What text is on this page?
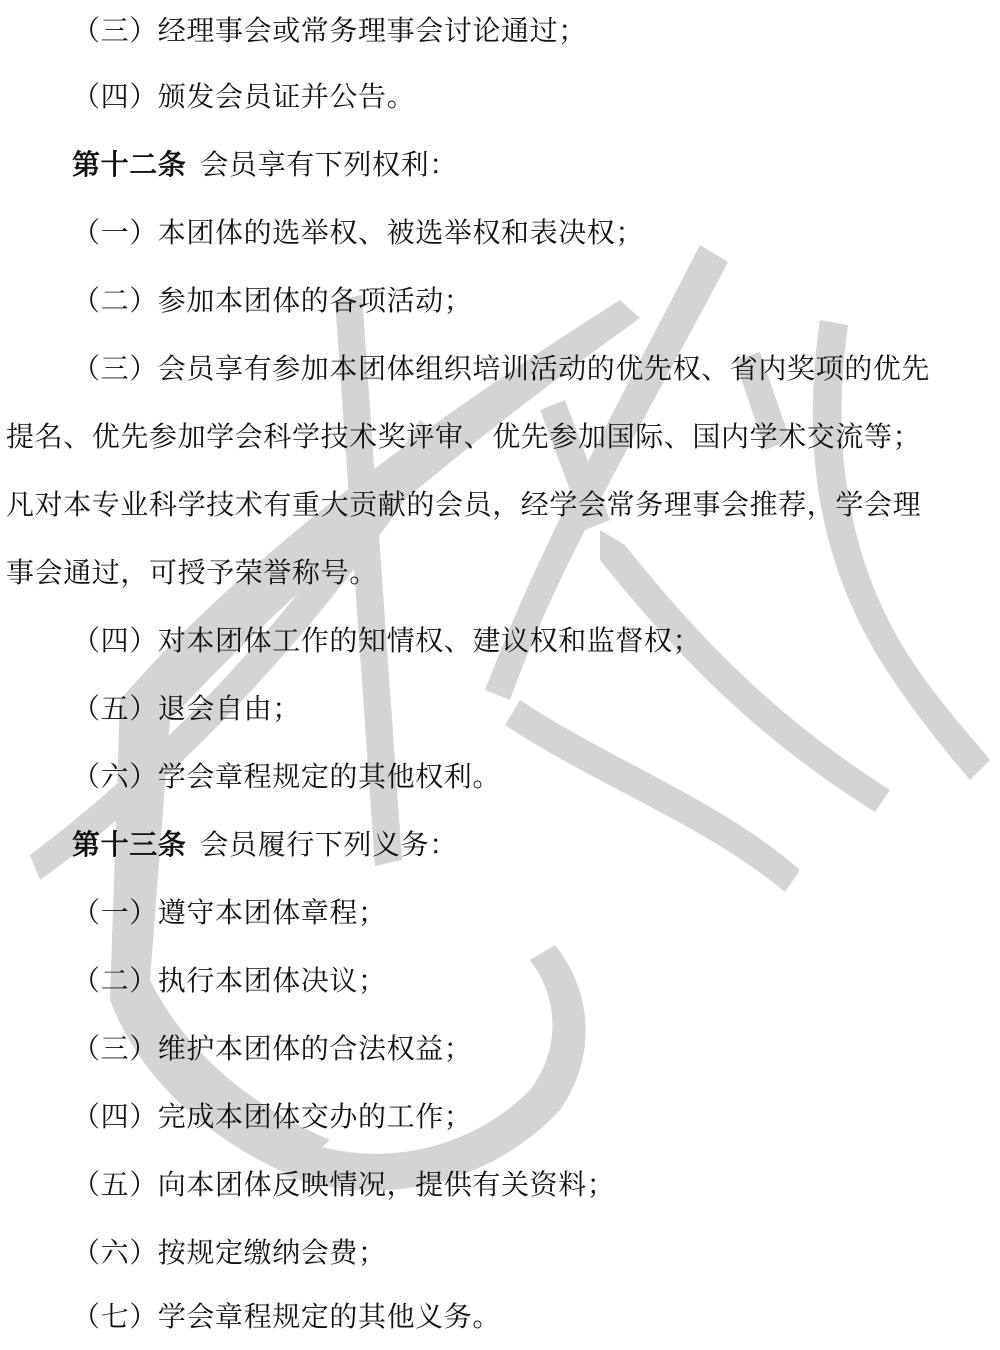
（三）经理事会或常务理事会讨论通过；
（四）颁发会员证并公告。
第十二条 会员享有下列权利：
（一）本团体的选举权、被选举权和表决权；
（二）参加本团体的各项活动；
（三）会员享有参加本团体组织培训活动的优先权、省内奖项的优先
提名、优先参加学会科学技术奖评审、优先参加国际、国内学术交流等；
凡对本专业科学技术有重大贡献的会员，经学会常务理事会推荐，学会理
事会通过，可授予荣誉称号。
（四）对本团体工作的知情权、建议权和监督权；
（五）退会自由；
（六）学会章程规定的其他权利。
第十三条 会员履行下列义务：
（一）遵守本团体章程；
（二）执行本团体决议；
（三）维护本团体的合法权益；
（四）完成本团体交办的工作；
（五）向本团体反映情况，提供有关资料；
（六）按规定缴纳会费；
（七）学会章程规定的其他义务。
